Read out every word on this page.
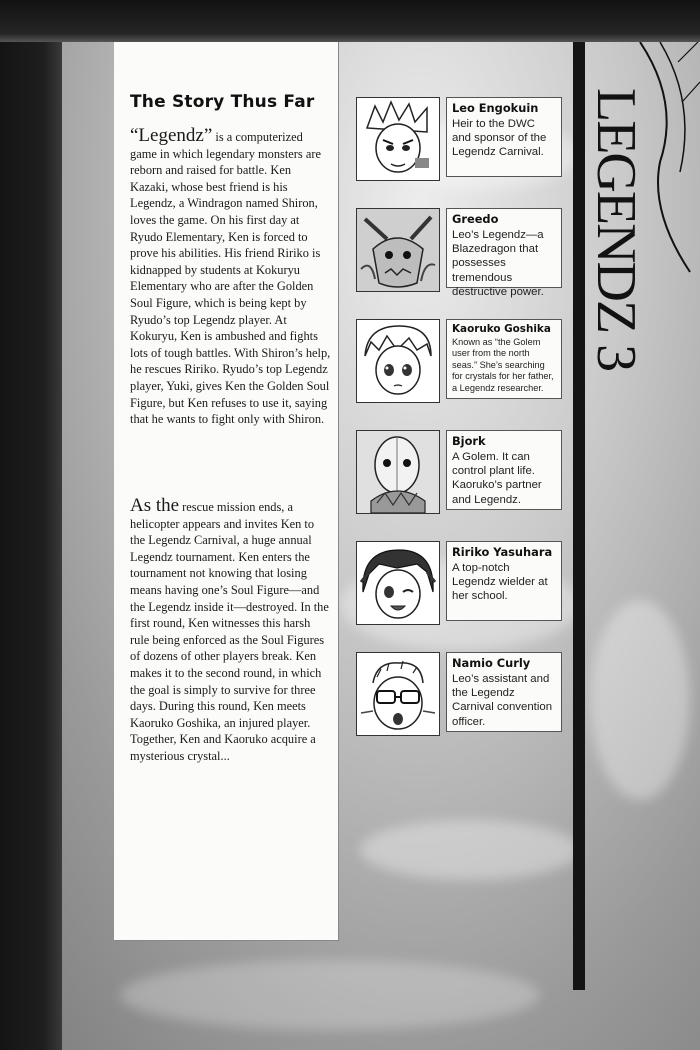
The Story Thus Far

“Legendz” is a computerized game in which legendary monsters are reborn and raised for battle. Ken Kazaki, whose best friend is his Legendz, a Windragon named Shiron, loves the game. On his first day at Ryudo Elementary, Ken is forced to prove his abilities. His friend Ririko is kidnapped by students at Kokuryu Elementary who are after the Golden Soul Figure, which is being kept by Ryudo’s top Legendz player. At Kokuryu, Ken is ambushed and fights lots of tough battles. With Shiron’s help, he rescues Ririko. Ryudo’s top Legendz player, Yuki, gives Ken the Golden Soul Figure, but Ken refuses to use it, saying that he wants to fight only with Shiron.

As the rescue mission ends, a helicopter appears and invites Ken to the Legendz Carnival, a huge annual Legendz tournament. Ken enters the tournament not knowing that losing means having one’s Soul Figure—and the Legendz inside it—destroyed. In the first round, Ken witnesses this harsh rule being enforced as the Soul Figures of dozens of other players break. Ken makes it to the second round, in which the goal is simply to survive for three days. During this round, Ken meets Kaoruko Goshika, an injured player. Together, Ken and Kaoruko acquire a mysterious crystal...

Leo Engokuin
Heir to the DWC and sponsor of the Legendz Carnival.
Greedo
Leo’s Legendz—a Blazedragon that possesses tremendous destructive power.
Kaoruko Goshika
Known as “the Golem user from the north seas.” She’s searching for crystals for her father, a Legendz researcher.
Bjork
A Golem. It can control plant life. Kaoruko’s partner and Legendz.
Ririko Yasuhara
A top-notch Legendz wielder at her school.
Namio Curly
Leo’s assistant and the Legendz Carnival convention officer.
LEGENDZ 3
